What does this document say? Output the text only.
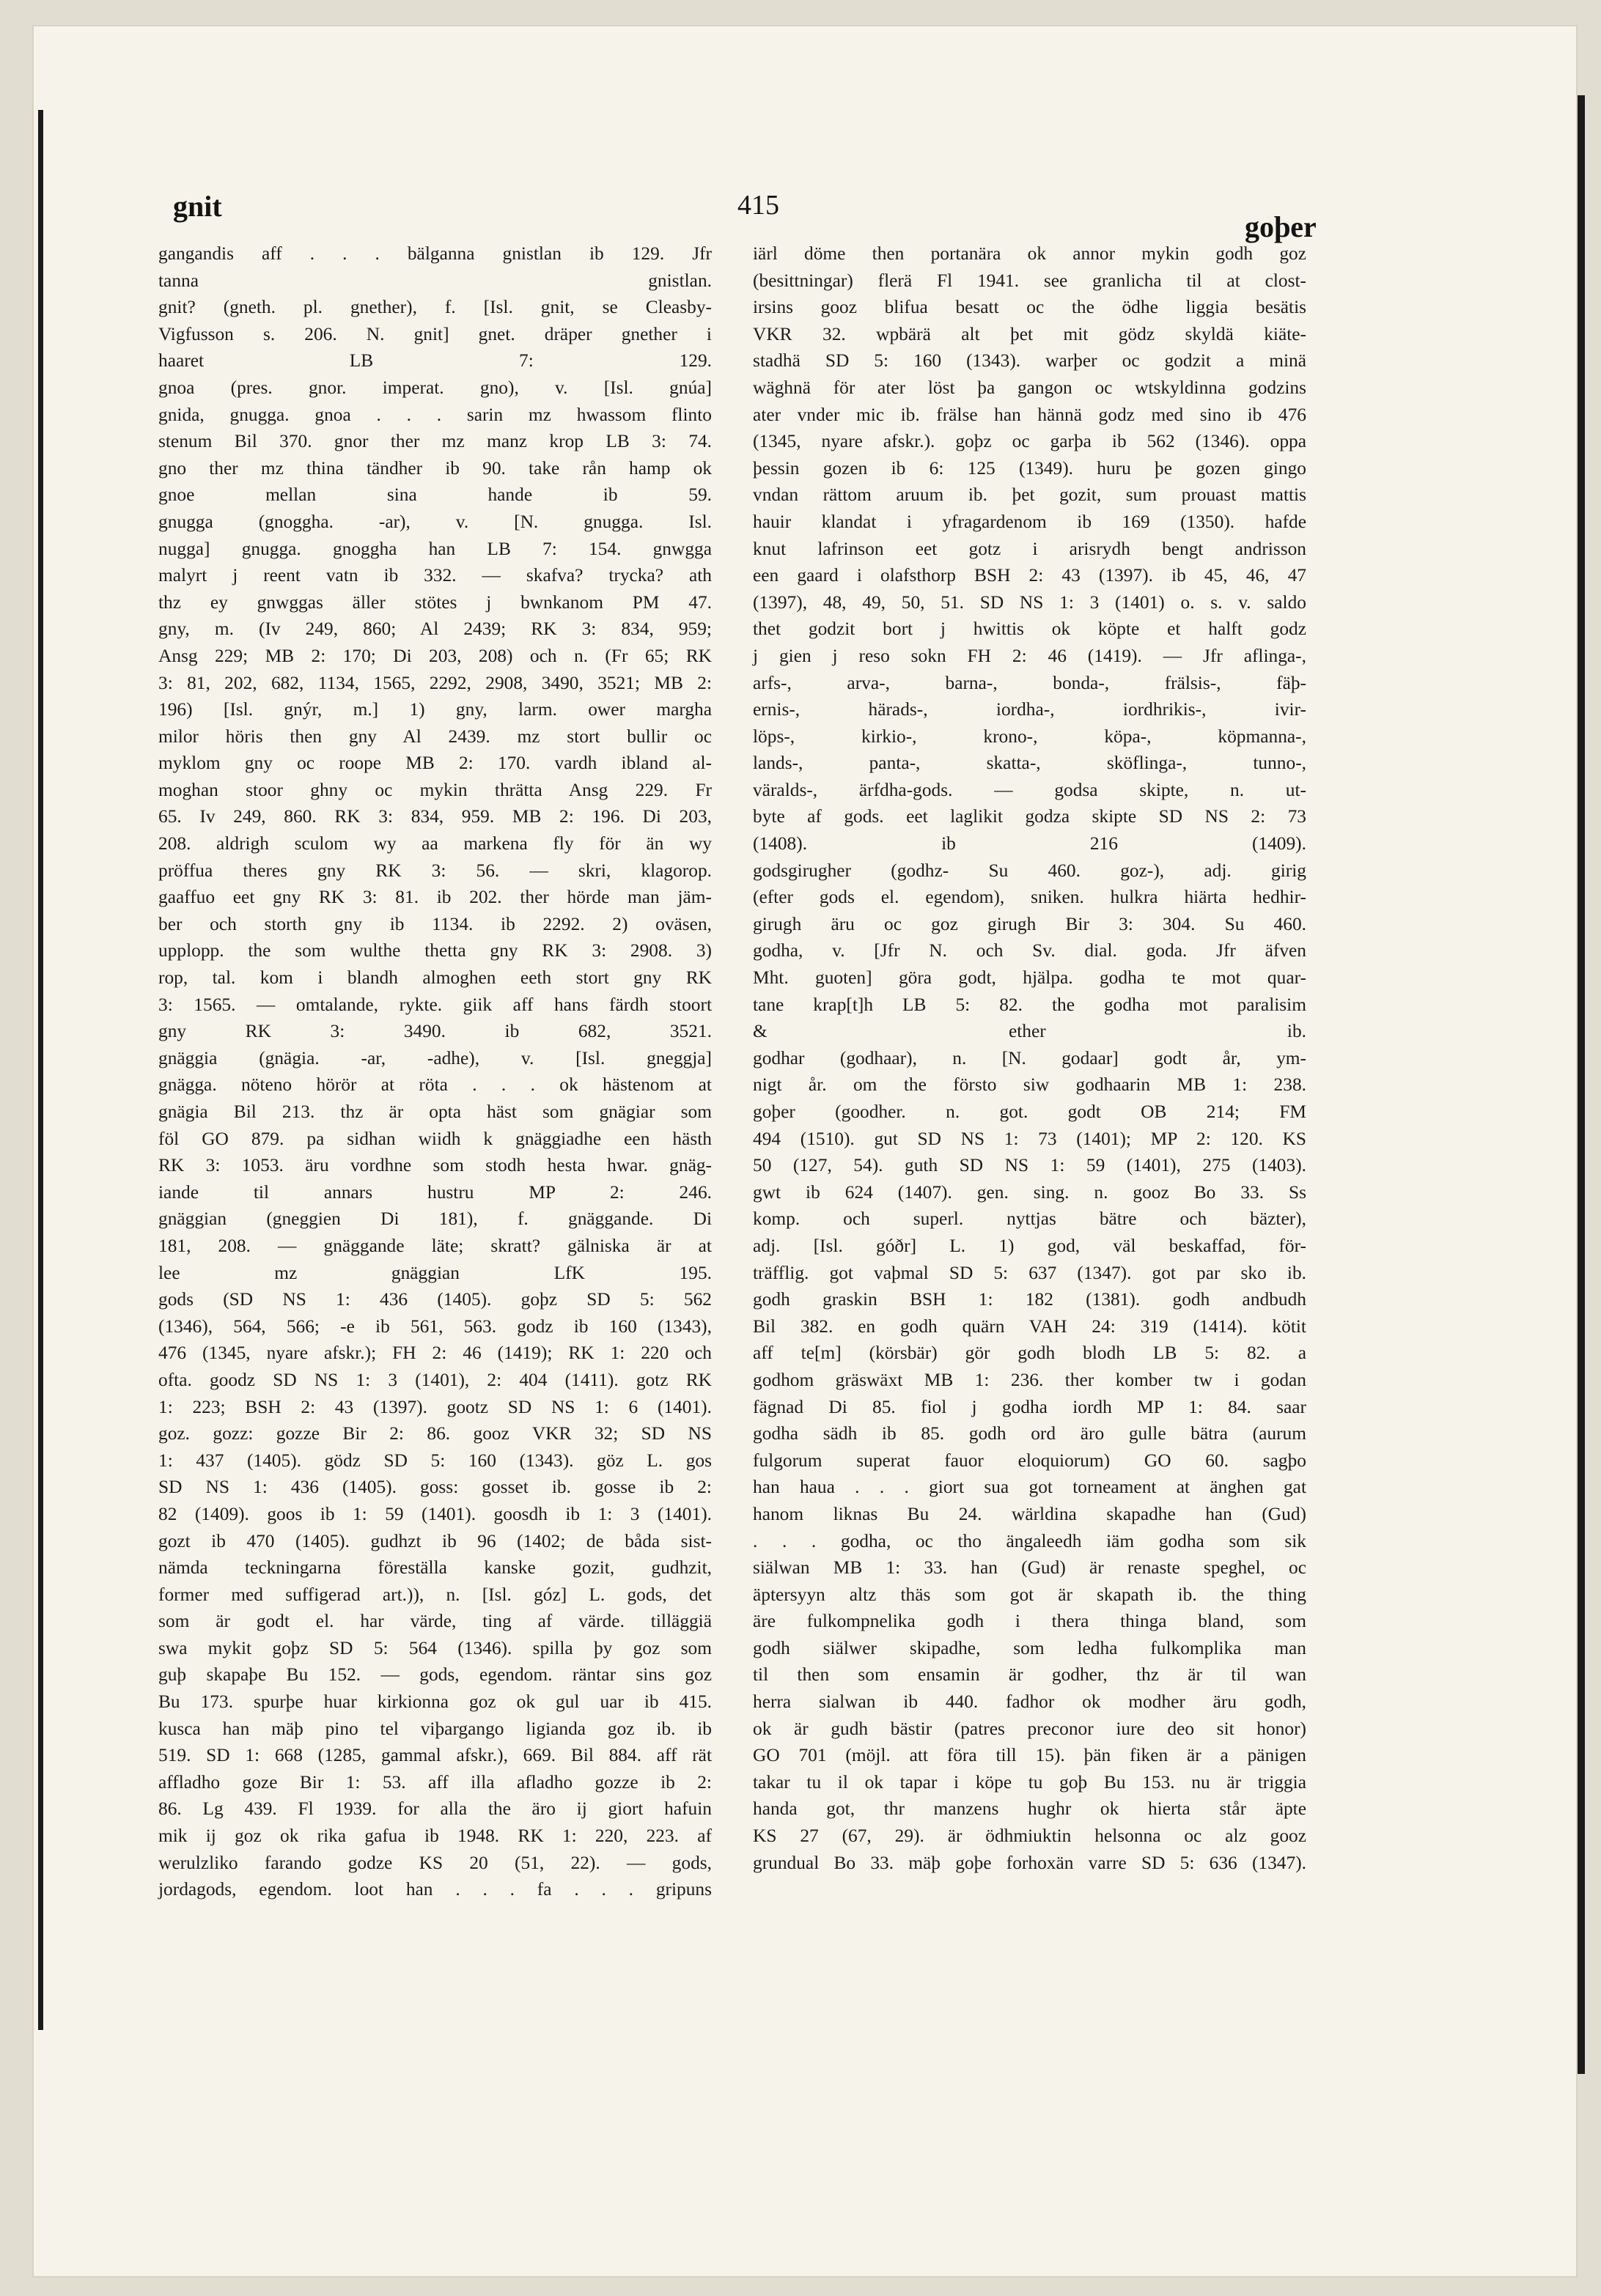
gnit	415
goþer

gangandis aff . . . bälganna gnistlan ib 129. Jfr

tanna gnistlan.

gnit? (gneth. pl. gnether), f. [Isl. gnit, se Cleasby-

Vigfusson s. 206. N. gnit] gnet. dräper gnether i

haaret LB 7: 129.

gnoa (pres. gnor. imperat. gno), v. [Isl. gnúa]

gnida, gnugga. gnoa . . . sarin mz hwassom flinto

stenum Bil 370. gnor ther mz manz krop LB 3: 74.

gno ther mz thina tändher ib 90. take rån hamp ok

gnoe mellan sina hande ib 59.

gnugga (gnoggha. -ar), v. [N. gnugga. Isl.

nugga] gnugga. gnoggha han LB 7: 154. gnwgga

malyrt j reent vatn ib 332. — skafva? trycka? ath

thz ey gnwggas äller stötes j bwnkanom PM 47.

gny, m. (Iv 249, 860; Al 2439; RK 3: 834, 959;

Ansg 229; MB 2: 170; Di 203, 208) och n. (Fr 65; RK

3: 81, 202, 682, 1134, 1565, 2292, 2908, 3490, 3521; MB 2:

196) [Isl. gnýr, m.] 1) gny, larm. ower margha

milor höris then gny Al 2439. mz stort bullir oc

myklom gny oc roope MB 2: 170. vardh ibland al-

moghan stoor ghny oc mykin thrätta Ansg 229. Fr

65. Iv 249, 860. RK 3: 834, 959. MB 2: 196. Di 203,

208. aldrigh sculom wy aa markena fly för än wy

pröffua theres gny RK 3: 56. — skri, klagorop.

gaaffuo eet gny RK 3: 81. ib 202. ther hörde man jäm-

ber och storth gny ib 1134. ib 2292. 2) oväsen,

upplopp. the som wulthe thetta gny RK 3: 2908. 3)

rop, tal. kom i blandh almoghen eeth stort gny RK

3: 1565. — omtalande, rykte. giik aff hans färdh stoort

gny RK 3: 3490. ib 682, 3521.

gnäggia (gnägia. -ar, -adhe), v. [Isl. gneggja]

gnägga. nöteno hörör at röta . . . ok hästenom at

gnägia Bil 213. thz är opta häst som gnägiar som

föl GO 879. pa sidhan wiidh k gnäggiadhe een hästh

RK 3: 1053. äru vordhne som stodh hesta hwar. gnäg-

iande til annars hustru MP 2: 246.

gnäggian (gneggien Di 181), f. gnäggande. Di

181, 208. — gnäggande läte; skratt? gälniska är at

lee mz gnäggian LfK 195.

gods (SD NS 1: 436 (1405). goþz SD 5: 562

(1346), 564, 566; -e ib 561, 563. godz ib 160 (1343),

476 (1345, nyare afskr.); FH 2: 46 (1419); RK 1: 220 och

ofta. goodz SD NS 1: 3 (1401), 2: 404 (1411). gotz RK

1: 223; BSH 2: 43 (1397). gootz SD NS 1: 6 (1401).

goz. gozz: gozze Bir 2: 86. gooz VKR 32; SD NS

1: 437 (1405). gödz SD 5: 160 (1343). göz L. gos

SD NS 1: 436 (1405). goss: gosset ib. gosse ib 2:

82 (1409). goos ib 1: 59 (1401). goosdh ib 1: 3 (1401).

gozt ib 470 (1405). gudhzt ib 96 (1402; de båda sist-

nämda teckningarna föreställa kanske gozit, gudhzit,

former med suffigerad art.)), n. [Isl. góz] L. gods, det

som är godt el. har värde, ting af värde. tilläggiä

swa mykit goþz SD 5: 564 (1346). spilla þy goz som

guþ skapaþe Bu 152. — gods, egendom. räntar sins goz

Bu 173. spurþe huar kirkionna goz ok gul uar ib 415.

kusca han mäþ pino tel viþargango ligianda goz ib. ib

519. SD 1: 668 (1285, gammal afskr.), 669. Bil 884. aff rät

affladho goze Bir 1: 53. aff illa afladho gozze ib 2:

86. Lg 439. Fl 1939. for alla the äro ij giort hafuin

mik ij goz ok rika gafua ib 1948. RK 1: 220, 223. af

werulzliko farando godze KS 20 (51, 22). — gods,

jordagods, egendom. loot han . . . fa . . . gripuns

iärl döme then portanära ok annor mykin godh goz

(besittningar) flerä Fl 1941. see granlicha til at clost-

irsins gooz blifua besatt oc the ödhe liggia besätis

VKR 32. wpbärä alt þet mit gödz skyldä kiäte-

stadhä SD 5: 160 (1343). warþer oc godzit a minä

wäghnä för ater löst þa gangon oc wtskyldinna godzins

ater vnder mic ib. frälse han hännä godz med sino ib 476

(1345, nyare afskr.). goþz oc garþa ib 562 (1346). oppa

þessin gozen ib 6: 125 (1349). huru þe gozen gingo

vndan rättom aruum ib. þet gozit, sum prouast mattis

hauir klandat i yfragardenom ib 169 (1350). hafde

knut lafrinson eet gotz i arisrydh bengt andrisson

een gaard i olafsthorp BSH 2: 43 (1397). ib 45, 46, 47

(1397), 48, 49, 50, 51. SD NS 1: 3 (1401) o. s. v. saldo

thet godzit bort j hwittis ok köpte et halft godz

j gien j reso sokn FH 2: 46 (1419). — Jfr aflinga-,

arfs-, arva-, barna-, bonda-, frälsis-, fäþ-

ernis-, härads-, iordha-, iordhrikis-, ivir-

löps-, kirkio-, krono-, köpa-, köpmanna-,

lands-, panta-, skatta-, sköflinga-, tunno-,

väralds-, ärfdha-gods. — godsa skipte, n. ut-

byte af gods. eet laglikit godza skipte SD NS 2: 73

(1408). ib 216 (1409).

godsgirugher (godhz- Su 460. goz-), adj. girig

(efter gods el. egendom), sniken. hulkra hiärta hedhir-

girugh äru oc goz girugh Bir 3: 304. Su 460.

godha, v. [Jfr N. och Sv. dial. goda. Jfr äfven

Mht. guoten] göra godt, hjälpa. godha te mot quar-

tane krap[t]h LB 5: 82. the godha mot paralisim

& ether ib.

godhar (godhaar), n. [N. godaar] godt år, ym-

nigt år. om the försto siw godhaarin MB 1: 238.

goþer (goodher. n. got. godt OB 214; FM

494 (1510). gut SD NS 1: 73 (1401); MP 2: 120. KS

50 (127, 54). guth SD NS 1: 59 (1401), 275 (1403).

gwt ib 624 (1407). gen. sing. n. gooz Bo 33. Ss

komp. och superl. nyttjas bätre och bäzter),

adj. [Isl. góðr] L. 1) god, väl beskaffad, för-

träfflig. got vaþmal SD 5: 637 (1347). got par sko ib.

godh graskin BSH 1: 182 (1381). godh andbudh

Bil 382. en godh quärn VAH 24: 319 (1414). kötit

aff te[m] (körsbär) gör godh blodh LB 5: 82. a

godhom gräswäxt MB 1: 236. ther komber tw i godan

fägnad Di 85. fiol j godha iordh MP 1: 84. saar

godha sädh ib 85. godh ord äro gulle bätra (aurum

fulgorum superat fauor eloquiorum) GO 60. sagþo

han haua . . . giort sua got torneament at änghen gat

hanom liknas Bu 24. wärldina skapadhe han (Gud)

. . . godha, oc tho ängaleedh iäm godha som sik

siälwan MB 1: 33. han (Gud) är renaste speghel, oc

äptersyyn altz thäs som got är skapath ib. the thing

äre fulkompnelika godh i thera thinga bland, som

godh siälwer skipadhe, som ledha fulkomplika man

til then som ensamin är godher, thz är til wan

herra sialwan ib 440. fadhor ok modher äru godh,

ok är gudh bästir (patres preconor iure deo sit honor)

GO 701 (möjl. att föra till 15). þän fiken är a pänigen

takar tu il ok tapar i köpe tu goþ Bu 153. nu är triggia

handa got, thr manzens hughr ok hierta står äpte

KS 27 (67, 29). är ödhmiuktin helsonna oc alz gooz

grundual Bo 33. mäþ goþe forhoxän varre SD 5: 636 (1347).
